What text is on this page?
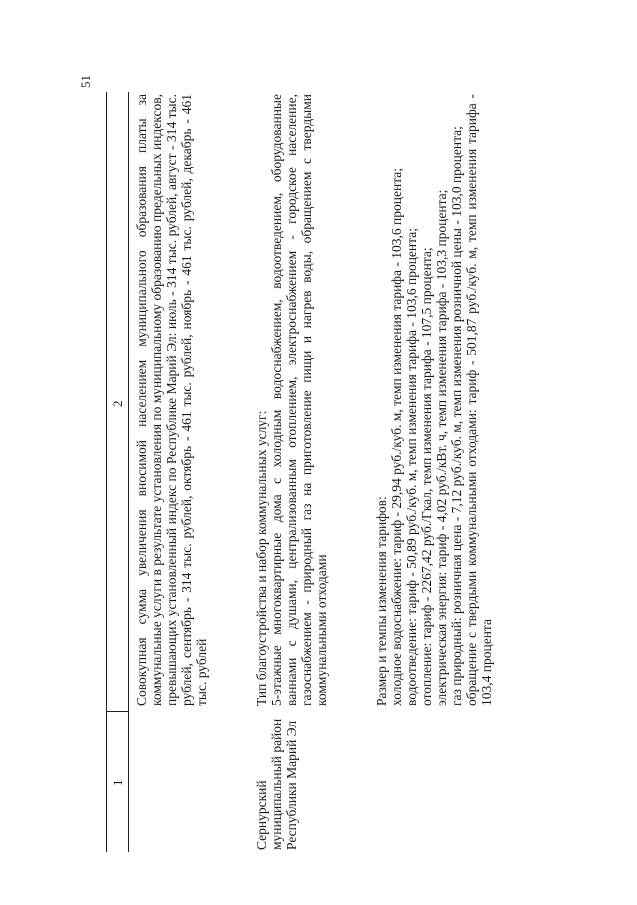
51
1
2
Сернурский муниципальный район Республики Марий Эл

Совокупная сумма увеличения вносимой населением муниципального образования платы за коммунальные услуги в результате установления по муниципальному образованию предельных индексов, превышающих установленный индекс по Республике Марий Эл: июль - 314 тыс. рублей, август - 314 тыс. рублей, сентябрь - 314 тыс. рублей, октябрь - 461 тыс. рублей, ноябрь - 461 тыс. рублей, декабрь - 461 тыс. рублей	Тип благоустройства и набор коммунальных услуг: 5-этажные многоквартирные дома с холодным водоснабжением, водоотведением, оборудованные ваннами с душами, централизованным отоплением, электроснабжением - городское население, газоснабжением - природный газ на приготовление пищи и нагрев воды, обращением с твердыми коммунальными отходами	Размер и темпы изменения тарифов: холодное водоснабжение: тариф - 29,94 руб./куб. м, темп изменения тарифа - 103,6 процента; водоотведение: тариф - 50,89 руб./куб. м, темп изменения тарифа - 103,6 процента; отопление: тариф - 2267,42 руб./Гкал, темп изменения тарифа - 107,5 процента; электрическая энергия: тариф - 4,02 руб./кВт. ч, темп изменения тарифа - 103,3 процента; газ природный: розничная цена - 7,12 руб./куб. м, темп изменения розничной цены - 103,0 процента; обращение с твердыми коммунальными отходами: тариф - 501,87 руб./куб. м, темп изменения тарифа - 103,4 процента
